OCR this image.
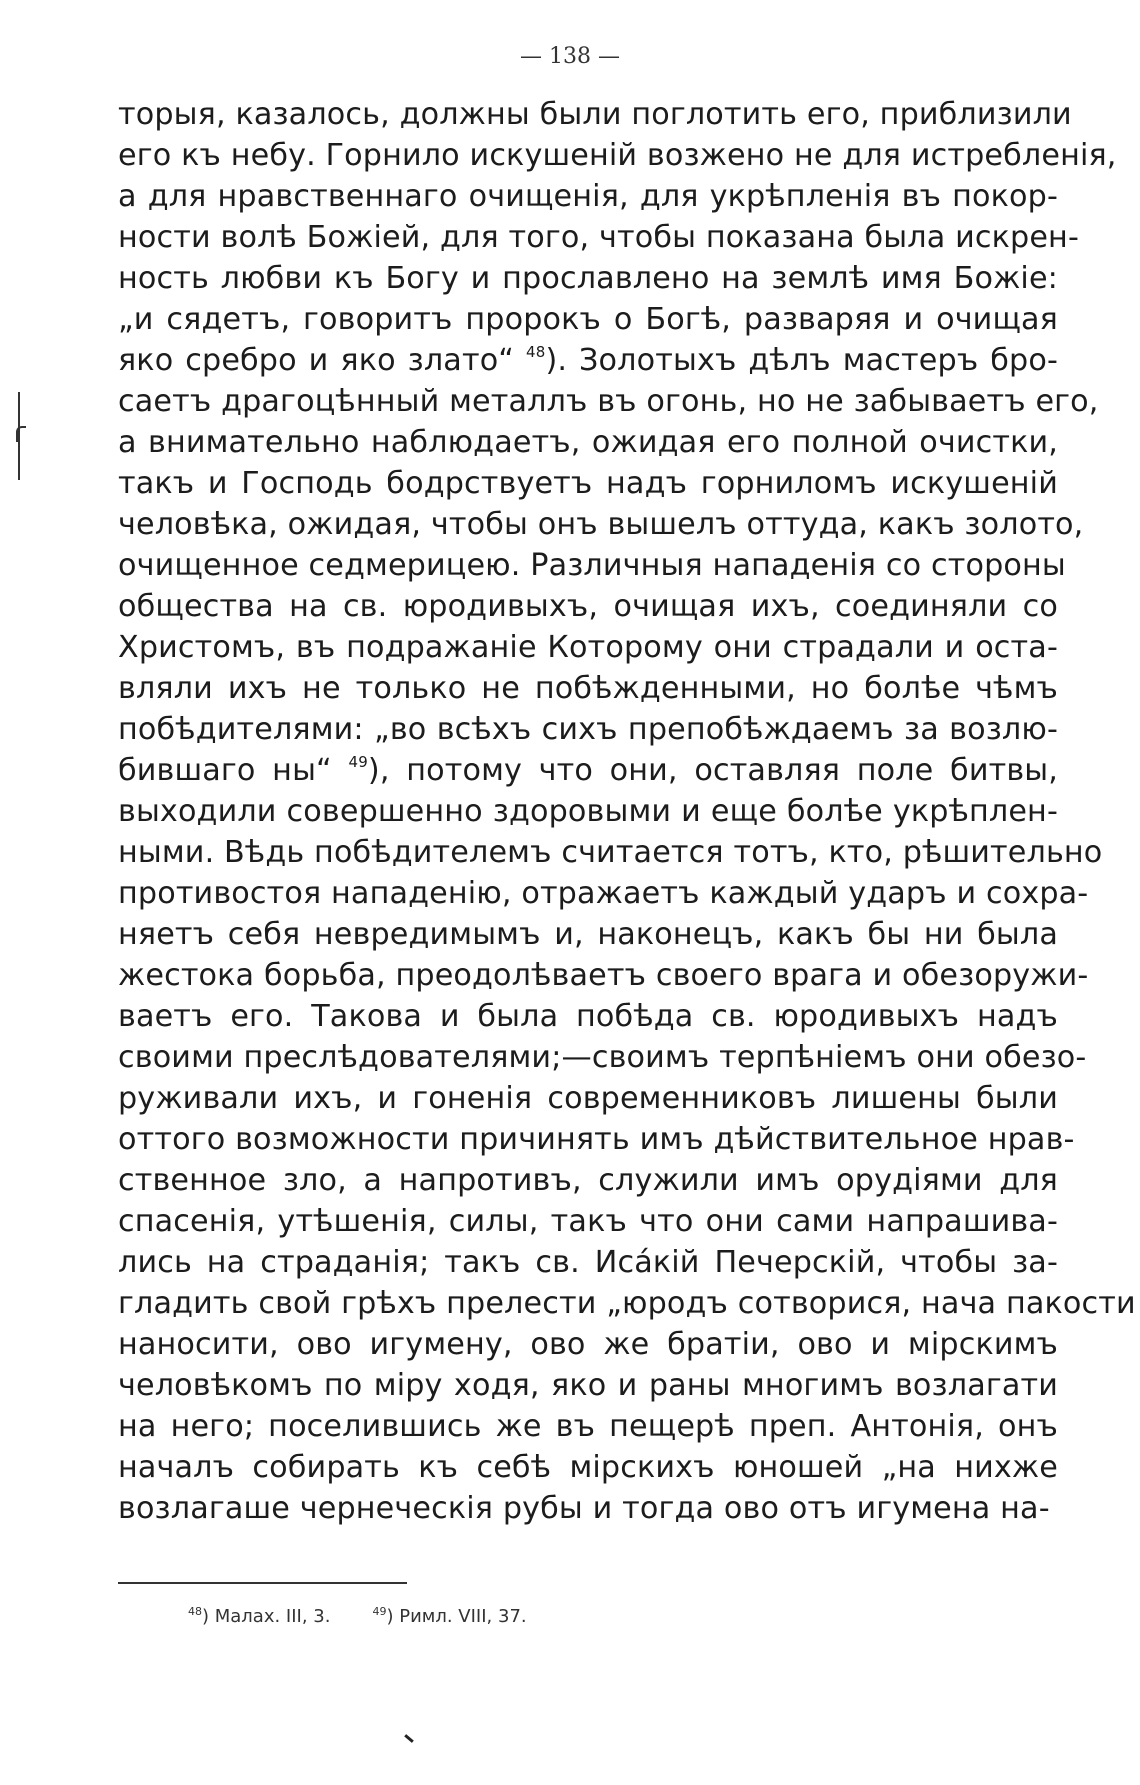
— 138 —
торыя, казалось, должны были поглотить его, приблизили
его къ небу. Горнило искушеній возжено не для истребленія,
а для нравственнаго очищенія, для укрѣпленія въ покор-
ности волѣ Божіей, для того, чтобы показана была искрен-
ность любви къ Богу и прославлено на землѣ имя Божіе:
„и сядетъ, говоритъ пророкъ о Богѣ, разваряя и очищая
яко сребро и яко злато“ $^{48}$). Золотыхъ дѣлъ мастеръ бро-
саетъ драгоцѣнный металлъ въ огонь, но не забываетъ его,
а внимательно наблюдаетъ, ожидая его полной очистки,
такъ и Господь бодрствуетъ надъ горниломъ искушеній
человѣка, ожидая, чтобы онъ вышелъ оттуда, какъ золото,
очищенное седмерицею. Различныя нападенія со стороны
общества на св. юродивыхъ, очищая ихъ, соединяли со
Христомъ, въ подражаніе Которому они страдали и оста-
вляли ихъ не только не побѣжденными, но болѣе чѣмъ
побѣдителями: „во всѣхъ сихъ препобѣждаемъ за возлю-
бившаго ны“ $^{49}$), потому что они, оставляя поле битвы,
выходили совершенно здоровыми и еще болѣе укрѣплен-
ными. Вѣдь побѣдителемъ считается тотъ, кто, рѣшительно
противостоя нападенію, отражаетъ каждый ударъ и сохра-
няетъ себя невредимымъ и, наконецъ, какъ бы ни была
жестока борьба, преодолѣваетъ своего врага и обезоружи-
ваетъ его. Такова и была побѣда св. юродивыхъ надъ
своими преслѣдователями;—своимъ терпѣніемъ они обезо-
руживали ихъ, и гоненія современниковъ лишены были
оттого возможности причинять имъ дѣйствительное нрав-
ственное зло, а напротивъ, служили имъ орудіями для
спасенія, утѣшенія, силы, такъ что они сами напрашива-
лись на страданія; такъ св. Исáкій Печерскій, чтобы за-
гладить свой грѣхъ прелести „юродъ сотворися, нача пакости
наносити, ово игумену, ово же братіи, ово и мірскимъ
человѣкомъ по міру ходя, яко и раны многимъ возлагати
на него; поселившись же въ пещерѣ преп. Антонія, онъ
началъ собирать къ себѣ мірскихъ юношей „на нихже
возлагаше чернеческія рубы и тогда ово отъ игумена на-
$^{48}$) Малах. III, 3.	$^{49}$) Римл. VIII, 37.
